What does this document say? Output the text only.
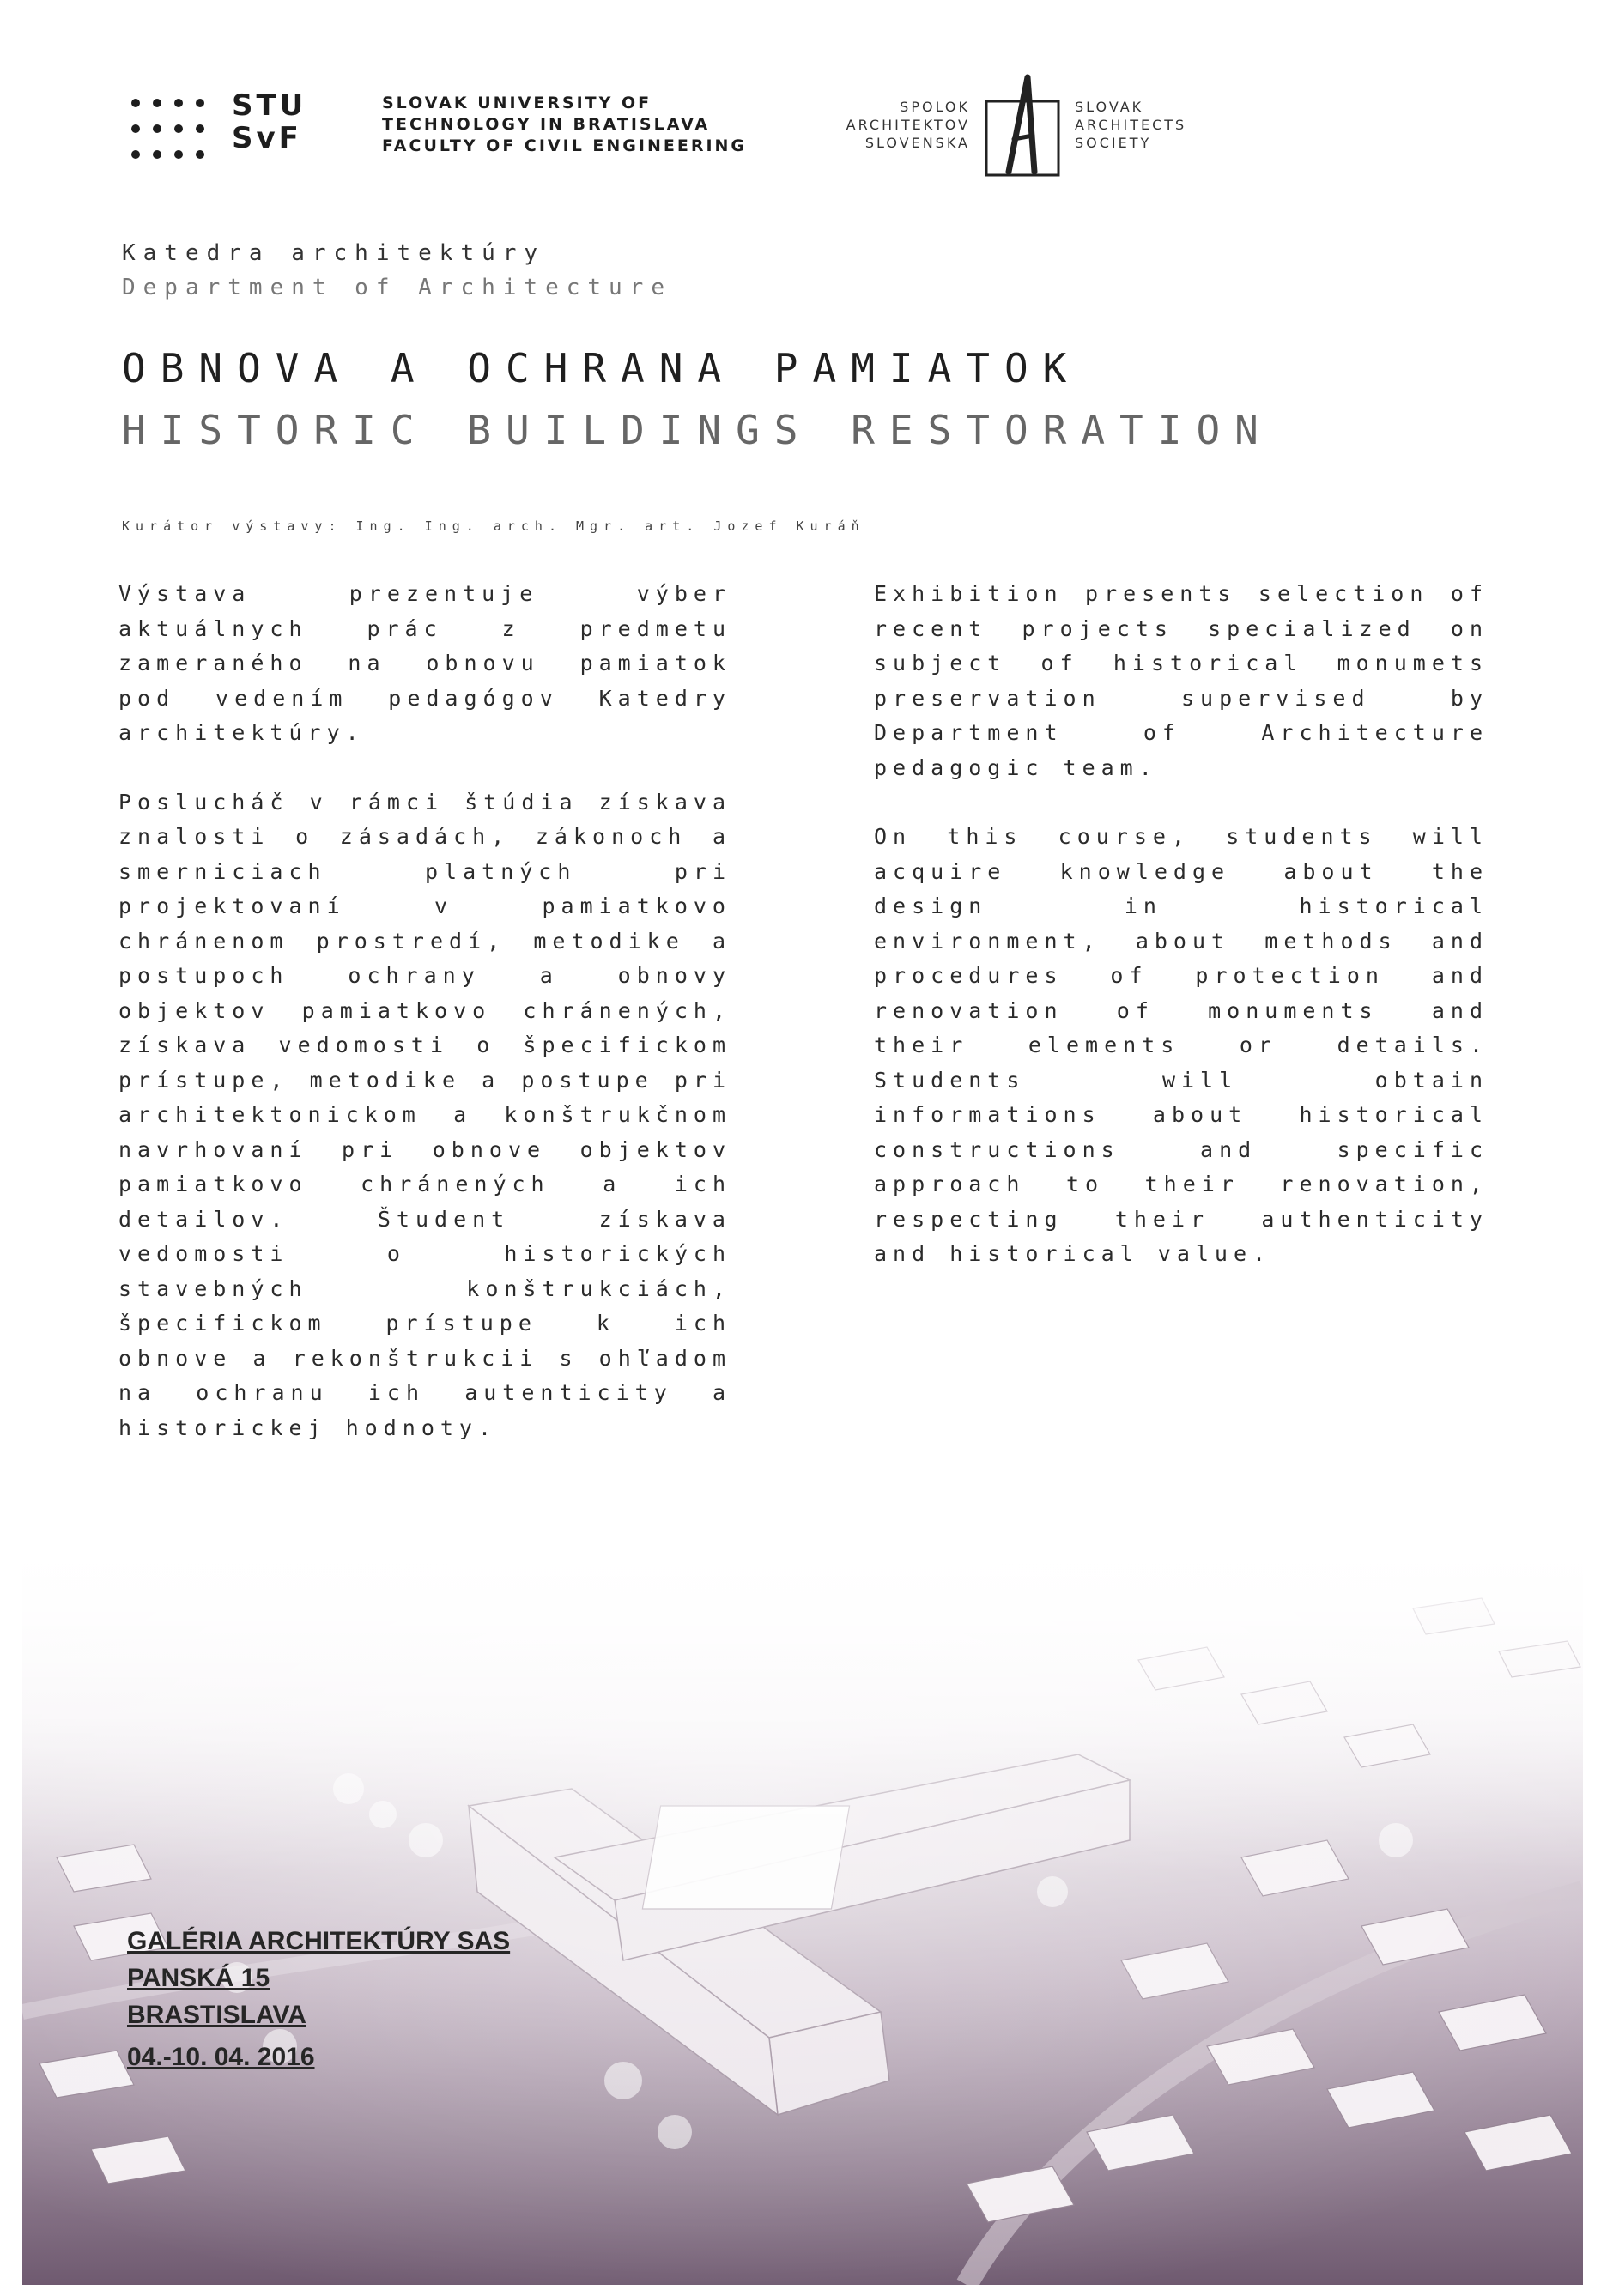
STU
SvF
SLOVAK UNIVERSITY OF
TECHNOLOGY IN BRATISLAVA
FACULTY OF CIVIL ENGINEERING
SPOLOK
ARCHITEKTOV
SLOVENSKA
SLOVAK
ARCHITECTS
SOCIETY
Katedra architektúry
Department of Architecture
OBNOVA A OCHRANA PAMIATOK
HISTORIC BUILDINGS RESTORATION
Kurátor výstavy: Ing. Ing. arch. Mgr. art. Jozef Kuráň

Výstava prezentuje výber aktuálnych prác z predmetu zameraného na obnovu pamiatok pod vedením pedagógov Katedry architektúry.

Poslucháč v rámci štúdia získava znalosti o zásadách, zákonoch a smerniciach platných pri projektovaní v pamiatkovo chránenom prostredí, metodike a postupoch ochrany a obnovy objektov pamiatkovo chránených, získava vedomosti o špecifickom prístupe, metodike a postupe pri architektonickom a konštrukčnom navrhovaní pri obnove objektov pamiatkovo chránených a ich detailov. Študent získava vedomosti o historických stavebných konštrukciách, špecifickom prístupe k ich obnove a rekonštrukcii s ohľadom na ochranu ich autenticity a historickej hodnoty.

Exhibition presents selection of recent projects specialized on subject of historical monumets preservation supervised by Department of Architecture pedagogic team.

On this course, students will acquire knowledge about the design in historical environment, about methods and procedures of protection and renovation of monuments and their elements or details. Students will obtain informations about historical constructions and specific approach to their renovation, respecting their authenticity and historical value.

GALÉRIA ARCHITEKTÚRY SAS
PANSKÁ 15
BRASTISLAVA
04.-10. 04. 2016
